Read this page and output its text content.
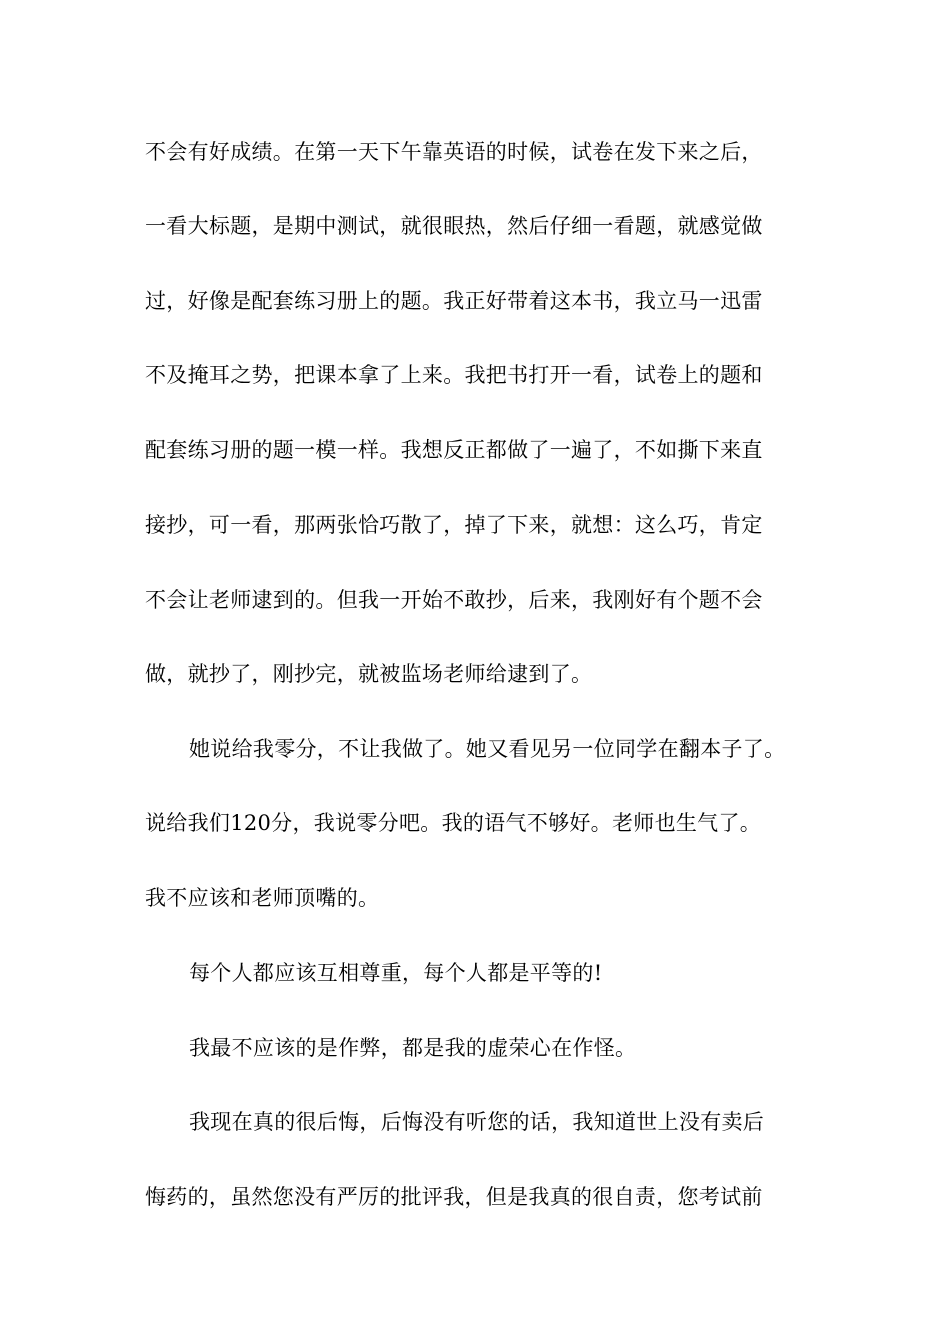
不会有好成绩。在第一天下午靠英语的时候，试卷在发下来之后，
一看大标题，是期中测试，就很眼热，然后仔细一看题，就感觉做
过，好像是配套练习册上的题。我正好带着这本书，我立马一迅雷
不及掩耳之势，把课本拿了上来。我把书打开一看，试卷上的题和
配套练习册的题一模一样。我想反正都做了一遍了，不如撕下来直
接抄，可一看，那两张恰巧散了，掉了下来，就想：这么巧，肯定
不会让老师逮到的。但我一开始不敢抄，后来，我刚好有个题不会
做，就抄了，刚抄完，就被监场老师给逮到了。
她说给我零分，不让我做了。她又看见另一位同学在翻本子了。
说给我们120分，我说零分吧。我的语气不够好。老师也生气了。
我不应该和老师顶嘴的。
每个人都应该互相尊重，每个人都是平等的!
我最不应该的是作弊，都是我的虚荣心在作怪。
我现在真的很后悔，后悔没有听您的话，我知道世上没有卖后
悔药的，虽然您没有严厉的批评我，但是我真的很自责，您考试前
